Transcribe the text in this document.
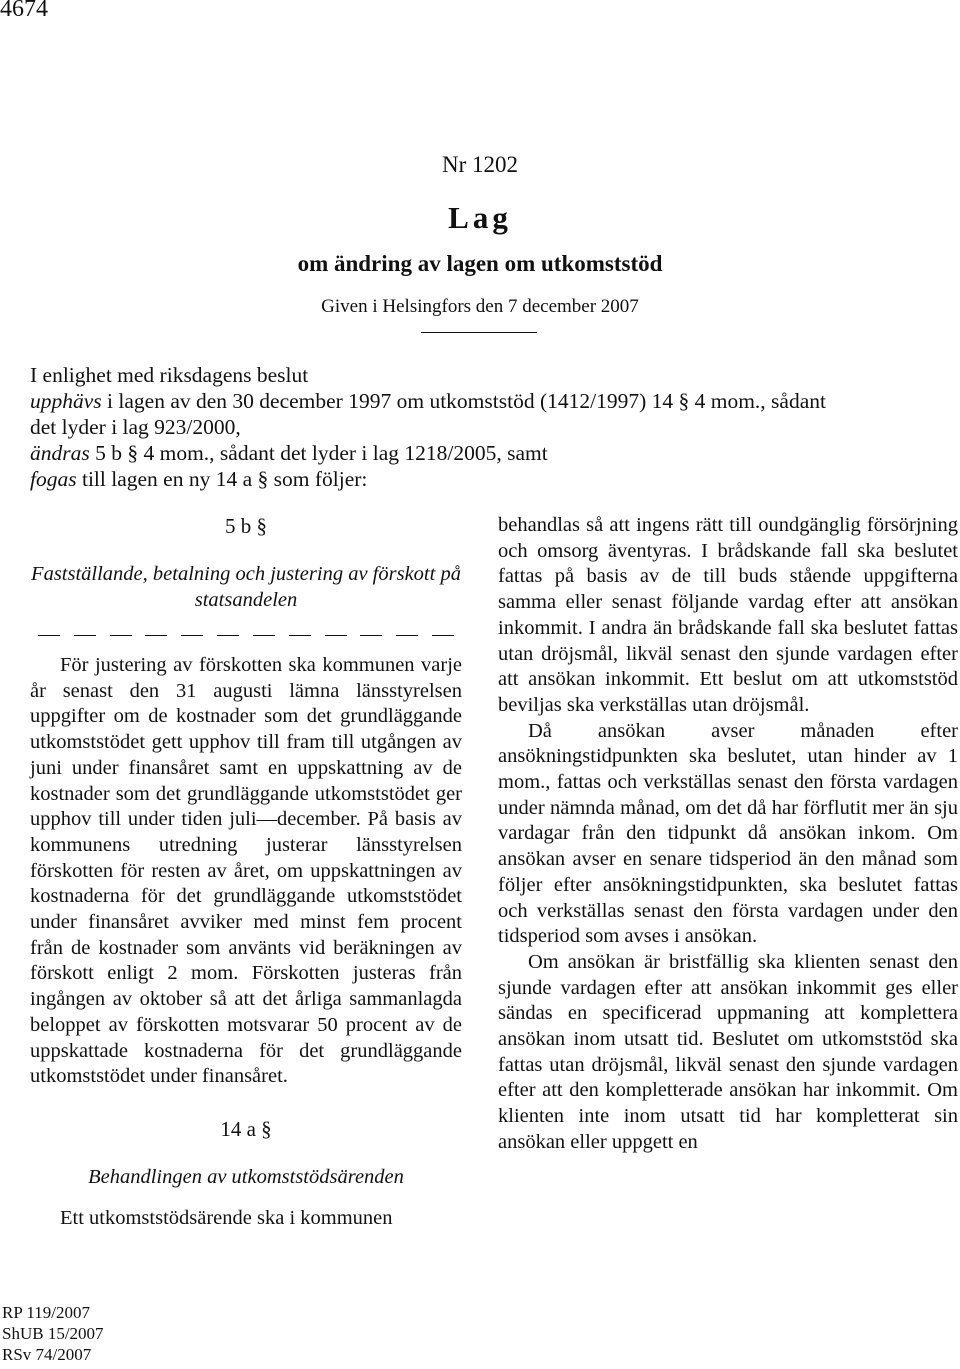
4674
Nr 1202
Lag
om ändring av lagen om utkomststöd
Given i Helsingfors den 7 december 2007

I enlighet med riksdagens beslut

upphävs i lagen av den 30 december 1997 om utkomststöd (1412/1997) 14 § 4 mom., sådant

det lyder i lag 923/2000,

ändras 5 b § 4 mom., sådant det lyder i lag 1218/2005, samt

fogas till lagen en ny 14 a § som följer:

5 b §
Fastställande, betalning och justering av förskott på statsandelen

För justering av förskotten ska kommunen varje år senast den 31 augusti lämna länsstyrelsen uppgifter om de kostnader som det grundläggande utkomststödet gett upphov till fram till utgången av juni under finansåret samt en uppskattning av de kostnader som det grundläggande utkomststödet ger upphov till under tiden juli—december. På basis av kommunens utredning justerar länsstyrelsen förskotten för resten av året, om uppskattningen av kostnaderna för det grundläggande utkomststödet under finansåret avviker med minst fem procent från de kostnader som använts vid beräkningen av förskott enligt 2 mom. Förskotten justeras från ingången av oktober så att det årliga sammanlagda beloppet av förskotten motsvarar 50 procent av de uppskattade kostnaderna för det grundläggande utkomststödet under finansåret.

14 a §
Behandlingen av utkomststödsärenden

Ett utkomststödsärende ska i kommunen

behandlas så att ingens rätt till oundgänglig försörjning och omsorg äventyras. I brådskande fall ska beslutet fattas på basis av de till buds stående uppgifterna samma eller senast följande vardag efter att ansökan inkommit. I andra än brådskande fall ska beslutet fattas utan dröjsmål, likväl senast den sjunde vardagen efter att ansökan inkommit. Ett beslut om att utkomststöd beviljas ska verkställas utan dröjsmål.

Då ansökan avser månaden efter ansökningstidpunkten ska beslutet, utan hinder av 1 mom., fattas och verkställas senast den första vardagen under nämnda månad, om det då har förflutit mer än sju vardagar från den tidpunkt då ansökan inkom. Om ansökan avser en senare tidsperiod än den månad som följer efter ansökningstidpunkten, ska beslutet fattas och verkställas senast den första vardagen under den tidsperiod som avses i ansökan.

Om ansökan är bristfällig ska klienten senast den sjunde vardagen efter att ansökan inkommit ges eller sändas en specificerad uppmaning att komplettera ansökan inom utsatt tid. Beslutet om utkomststöd ska fattas utan dröjsmål, likväl senast den sjunde vardagen efter att den kompletterade ansökan har inkommit. Om klienten inte inom utsatt tid har kompletterat sin ansökan eller uppgett en

RP 119/2007
ShUB 15/2007
RSv 74/2007
